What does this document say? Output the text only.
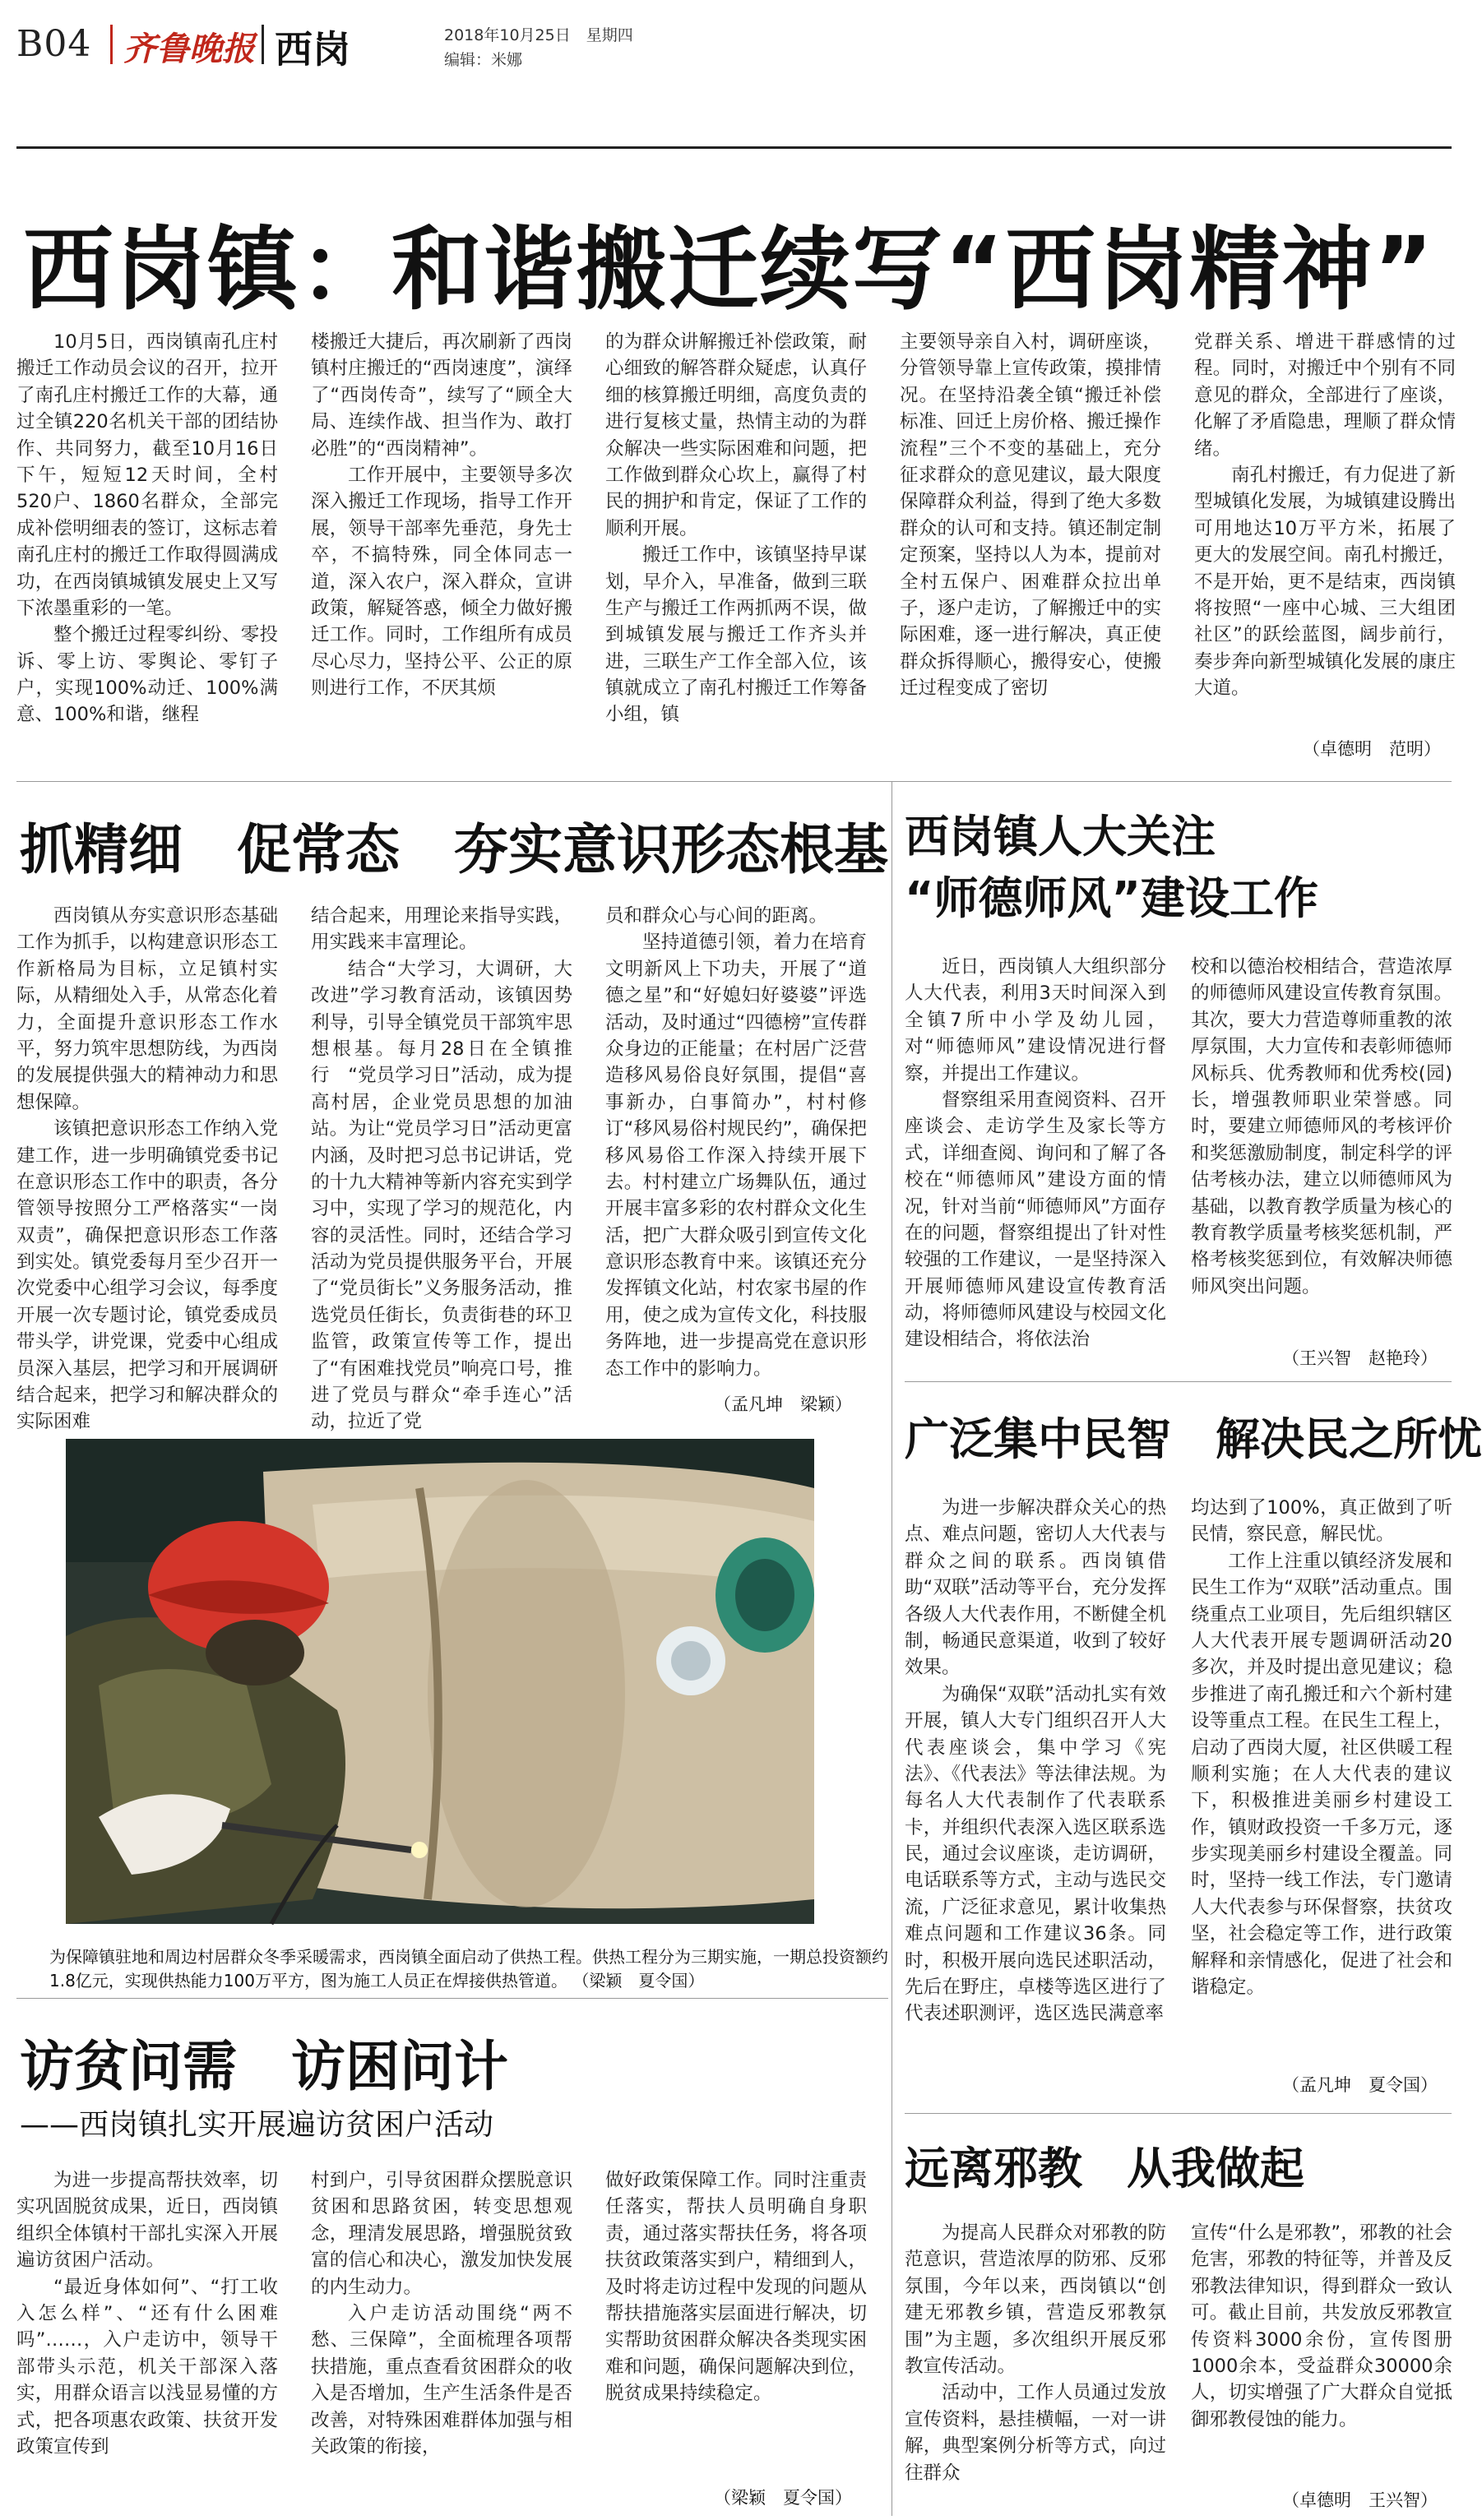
B04 齐鲁晚报 西岗	2018年10月25日　星期四
编辑：米娜
西岗镇：和谐搬迁续写“西岗精神”

10月5日，西岗镇南孔庄村搬迁工作动员会议的召开，拉开了南孔庄村搬迁工作的大幕，通过全镇220名机关干部的团结协作、共同努力，截至10月16日下午，短短12天时间，全村520户、1860名群众，全部完成补偿明细表的签订，这标志着南孔庄村的搬迁工作取得圆满成功，在西岗镇城镇发展史上又写下浓墨重彩的一笔。

整个搬迁过程零纠纷、零投诉、零上访、零舆论、零钉子户，实现100%动迁、100%满意、100%和谐，继程

楼搬迁大捷后，再次刷新了西岗镇村庄搬迁的“西岗速度”，演绎了“西岗传奇”，续写了“顾全大局、连续作战、担当作为、敢打必胜”的“西岗精神”。

工作开展中，主要领导多次深入搬迁工作现场，指导工作开展，领导干部率先垂范，身先士卒，不搞特殊，同全体同志一道，深入农户，深入群众，宣讲政策，解疑答惑，倾全力做好搬迁工作。同时，工作组所有成员尽心尽力，坚持公平、公正的原则进行工作，不厌其烦

的为群众讲解搬迁补偿政策，耐心细致的解答群众疑虑，认真仔细的核算搬迁明细，高度负责的进行复核丈量，热情主动的为群众解决一些实际困难和问题，把工作做到群众心坎上，赢得了村民的拥护和肯定，保证了工作的顺利开展。

搬迁工作中，该镇坚持早谋划，早介入，早准备，做到三联生产与搬迁工作两抓两不误，做到城镇发展与搬迁工作齐头并进，三联生产工作全部入位，该镇就成立了南孔村搬迁工作筹备小组，镇

主要领导亲自入村，调研座谈，分管领导靠上宣传政策，摸排情况。在坚持沿袭全镇“搬迁补偿标准、回迁上房价格、搬迁操作流程”三个不变的基础上，充分征求群众的意见建议，最大限度保障群众利益，得到了绝大多数群众的认可和支持。镇还制定制定预案，坚持以人为本，提前对全村五保户、困难群众拉出单子，逐户走访，了解搬迁中的实际困难，逐一进行解决，真正使群众拆得顺心，搬得安心，使搬迁过程变成了密切

党群关系、增进干群感情的过程。同时，对搬迁中个别有不同意见的群众，全部进行了座谈，化解了矛盾隐患，理顺了群众情绪。

南孔村搬迁，有力促进了新型城镇化发展，为城镇建设腾出可用地达10万平方米，拓展了更大的发展空间。南孔村搬迁，不是开始，更不是结束，西岗镇将按照“一座中心城、三大组团社区”的跃绘蓝图，阔步前行，奏步奔向新型城镇化发展的康庄大道。

（卓德明　范明）
抓精细　促常态　夯实意识形态根基

西岗镇从夯实意识形态基础工作为抓手，以构建意识形态工作新格局为目标，立足镇村实际，从精细处入手，从常态化着力，全面提升意识形态工作水平，努力筑牢思想防线，为西岗的发展提供强大的精神动力和思想保障。

该镇把意识形态工作纳入党建工作，进一步明确镇党委书记在意识形态工作中的职责，各分管领导按照分工严格落实“一岗双责”，确保把意识形态工作落到实处。镇党委每月至少召开一次党委中心组学习会议，每季度开展一次专题讨论，镇党委成员带头学，讲党课，党委中心组成员深入基层，把学习和开展调研结合起来，把学习和解决群众的实际困难

结合起来，用理论来指导实践，用实践来丰富理论。

结合“大学习，大调研，大改进”学习教育活动，该镇因势利导，引导全镇党员干部筑牢思想根基。每月28日在全镇推行　“党员学习日”活动，成为提高村居，企业党员思想的加油站。为让“党员学习日”活动更富内涵，及时把习总书记讲话，党的十九大精神等新内容充实到学习中，实现了学习的规范化，内容的灵活性。同时，还结合学习活动为党员提供服务平台，开展了“党员街长”义务服务活动，推选党员任街长，负责街巷的环卫监管，政策宣传等工作，提出了“有困难找党员”响亮口号，推进了党员与群众“牵手连心”活动，拉近了党

员和群众心与心间的距离。

坚持道德引领，着力在培育文明新风上下功夫，开展了“道德之星”和“好媳妇好婆婆”评选活动，及时通过“四德榜”宣传群众身边的正能量；在村居广泛营造移风易俗良好氛围，提倡“喜事新办，白事简办”，村村修订“移风易俗村规民约”，确保把移风易俗工作深入持续开展下去。村村建立广场舞队伍，通过开展丰富多彩的农村群众文化生活，把广大群众吸引到宣传文化意识形态教育中来。该镇还充分发挥镇文化站，村农家书屋的作用，使之成为宣传文化，科技服务阵地，进一步提高党在意识形态工作中的影响力。

（孟凡坤　梁颖）
为保障镇驻地和周边村居群众冬季采暖需求，西岗镇全面启动了供热工程。供热工程分为三期实施，一期总投资额约1.8亿元，实现供热能力100万平方，图为施工人员正在焊接供热管道。 （梁颖　夏令国）
访贫问需　访困问计
——西岗镇扎实开展遍访贫困户活动

为进一步提高帮扶效率，切实巩固脱贫成果，近日，西岗镇组织全体镇村干部扎实深入开展遍访贫困户活动。

“最近身体如何”、“打工收入怎么样”、“还有什么困难吗”……，入户走访中，领导干部带头示范，机关干部深入落实，用群众语言以浅显易懂的方式，把各项惠农政策、扶贫开发政策宣传到

村到户，引导贫困群众摆脱意识贫困和思路贫困，转变思想观念，理清发展思路，增强脱贫致富的信心和决心，激发加快发展的内生动力。

入户走访活动围绕“两不愁、三保障”，全面梳理各项帮扶措施，重点查看贫困群众的收入是否增加，生产生活条件是否改善，对特殊困难群体加强与相关政策的衔接，

做好政策保障工作。同时注重责任落实，帮扶人员明确自身职责，通过落实帮扶任务，将各项扶贫政策落实到户，精细到人，及时将走访过程中发现的问题从帮扶措施落实层面进行解决，切实帮助贫困群众解决各类现实困难和问题，确保问题解决到位，脱贫成果持续稳定。

（梁颖　夏令国）
西岗镇人大关注
“师德师风”建设工作

近日，西岗镇人大组织部分人大代表，利用3天时间深入到全镇7所中小学及幼儿园，对“师德师风”建设情况进行督察，并提出工作建议。

督察组采用查阅资料、召开座谈会、走访学生及家长等方式，详细查阅、询问和了解了各校在“师德师风”建设方面的情况，针对当前“师德师风”方面存在的问题，督察组提出了针对性较强的工作建议，一是坚持深入开展师德师风建设宣传教育活动，将师德师风建设与校园文化建设相结合，将依法治

校和以德治校相结合，营造浓厚的师德师风建设宣传教育氛围。其次，要大力营造尊师重教的浓厚氛围，大力宣传和表彰师德师风标兵、优秀教师和优秀校(园)长，增强教师职业荣誉感。同时，要建立师德师风的考核评价和奖惩激励制度，制定科学的评估考核办法，建立以师德师风为基础，以教育教学质量为核心的教育教学质量考核奖惩机制，严格考核奖惩到位，有效解决师德师风突出问题。

（王兴智　赵艳玲）
广泛集中民智　解决民之所忧

为进一步解决群众关心的热点、难点问题，密切人大代表与群众之间的联系。西岗镇借助“双联”活动等平台，充分发挥各级人大代表作用，不断健全机制，畅通民意渠道，收到了较好效果。

为确保“双联”活动扎实有效开展，镇人大专门组织召开人大代表座谈会，集中学习《宪法》、《代表法》等法律法规。为每名人大代表制作了代表联系卡，并组织代表深入选区联系选民，通过会议座谈，走访调研，电话联系等方式，主动与选民交流，广泛征求意见，累计收集热难点问题和工作建议36条。同时，积极开展向选民述职活动，先后在野庄，卓楼等选区进行了代表述职测评，选区选民满意率

均达到了100%，真正做到了听民情，察民意，解民忧。

工作上注重以镇经济发展和民生工作为“双联”活动重点。围绕重点工业项目，先后组织辖区人大代表开展专题调研活动20多次，并及时提出意见建议；稳步推进了南孔搬迁和六个新村建设等重点工程。在民生工程上，启动了西岗大厦，社区供暖工程顺利实施；在人大代表的建议下，积极推进美丽乡村建设工作，镇财政投资一千多万元，逐步实现美丽乡村建设全覆盖。同时，坚持一线工作法，专门邀请人大代表参与环保督察，扶贫攻坚，社会稳定等工作，进行政策解释和亲情感化，促进了社会和谐稳定。

（孟凡坤　夏令国）
远离邪教　从我做起

为提高人民群众对邪教的防范意识，营造浓厚的防邪、反邪氛围，今年以来，西岗镇以“创建无邪教乡镇，营造反邪教氛围”为主题，多次组织开展反邪教宣传活动。

活动中，工作人员通过发放宣传资料，悬挂横幅，一对一讲解，典型案例分析等方式，向过往群众

宣传“什么是邪教”，邪教的社会危害，邪教的特征等，并普及反邪教法律知识，得到群众一致认可。截止目前，共发放反邪教宣传资料3000余份，宣传图册1000余本，受益群众30000余人，切实增强了广大群众自觉抵御邪教侵蚀的能力。

（卓德明　王兴智）
